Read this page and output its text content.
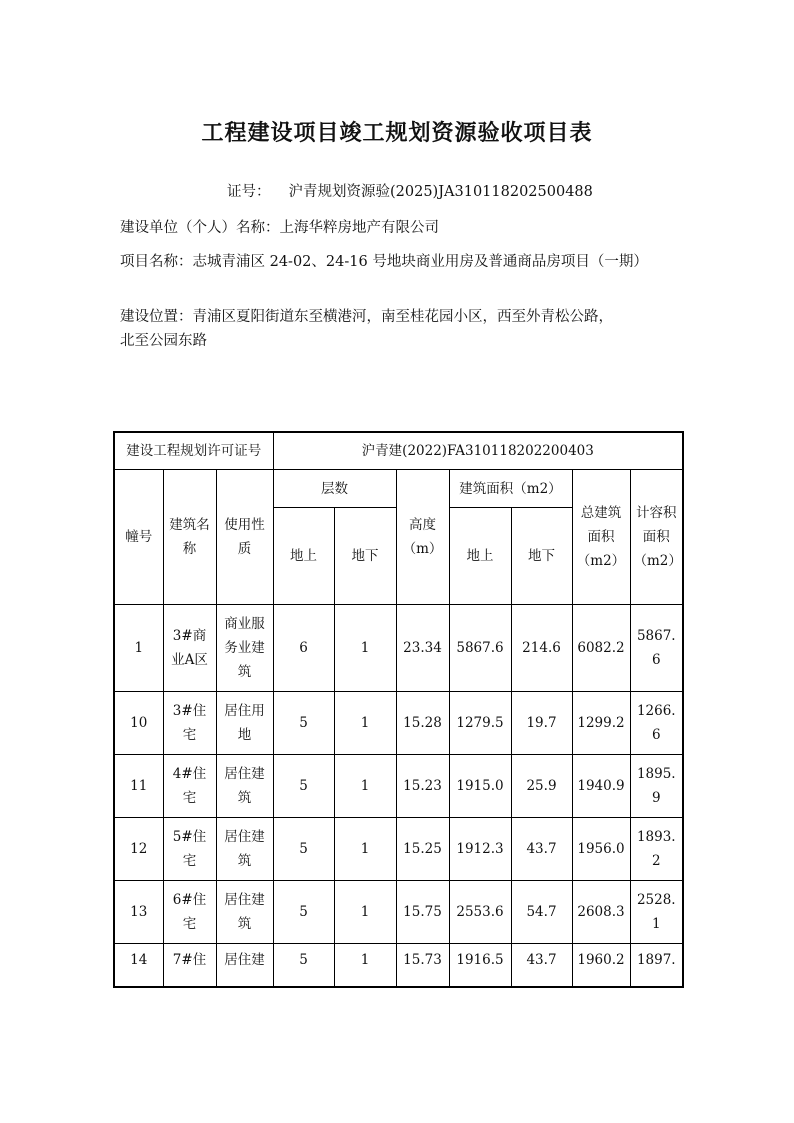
工程建设项目竣工规划资源验收项目表
证号： 沪青规划资源验(2025)JA310118202500488
建设单位（个人）名称：上海华粹房地产有限公司
项目名称：志城青浦区 24-02、24-16 号地块商业用房及普通商品房项目（一期）
建设位置：青浦区夏阳街道东至横港河，南至桂花园小区，西至外青松公路，
北至公园东路
建设工程规划许可证号			沪青建(2022)FA310118202200403						
幢号	建筑名称	使用性质	层数		高度（m）	建筑面积（m2）		总建筑面积（m2）	计容积面积（m2）
			地上	地下		地上	地下		
1	3#商业A区	商业服务业建筑	6	1	23.34	5867.6	214.6	6082.2	5867.6
10	3#住宅	居住用地	5	1	15.28	1279.5	19.7	1299.2	1266.6
11	4#住宅	居住建筑	5	1	15.23	1915.0	25.9	1940.9	1895.9
12	5#住宅	居住建筑	5	1	15.25	1912.3	43.7	1956.0	1893.2
13	6#住宅	居住建筑	5	1	15.75	2553.6	54.7	2608.3	2528.1
14	7#住	居住建	5	1	15.73	1916.5	43.7	1960.2	1897.
